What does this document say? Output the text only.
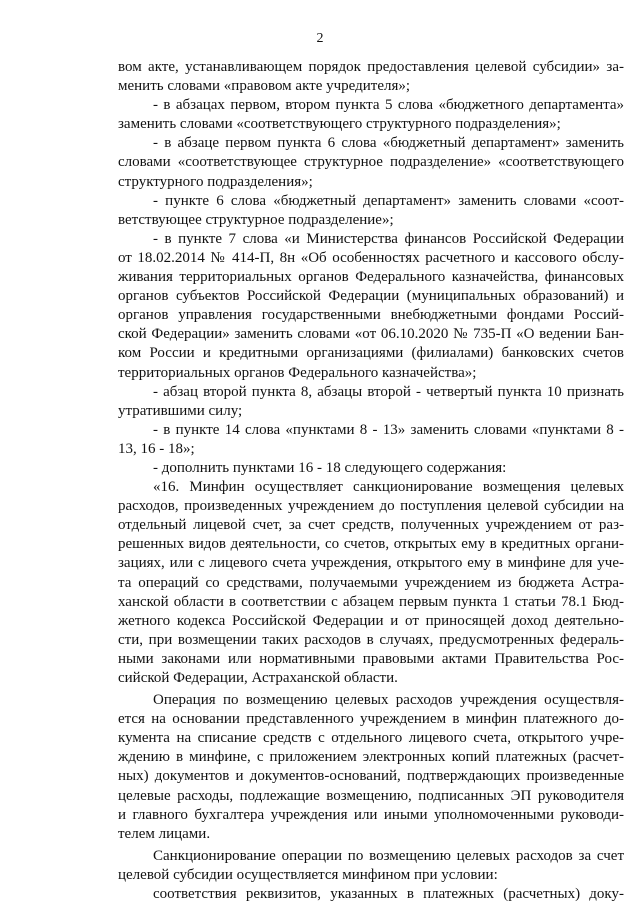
2
вом акте, устанавливающем порядок предоставления целевой субсидии» за-
менить словами «правовом акте учредителя»;
- в абзацах первом, втором пункта 5 слова «бюджетного департамента»
заменить словами «соответствующего структурного подразделения»;
- в абзаце первом пункта 6 слова «бюджетный департамент» заменить
словами «соответствующее структурное подразделение» «соответствующего
структурного подразделения»;
- пункте 6 слова «бюджетный департамент» заменить словами «соот-
ветствующее структурное подразделение»;
- в пункте 7 слова «и Министерства финансов Российской Федерации
от 18.02.2014 № 414-П, 8н «Об особенностях расчетного и кассового обслу-
живания территориальных органов Федерального казначейства, финансовых
органов субъектов Российской Федерации (муниципальных образований) и
органов управления государственными внебюджетными фондами Россий-
ской Федерации» заменить словами «от 06.10.2020 № 735-П «О ведении Бан-
ком России и кредитными организациями (филиалами) банковских счетов
территориальных органов Федерального казначейства»;
- абзац второй пункта 8, абзацы второй - четвертый пункта 10 признать
утратившими силу;
- в пункте 14 слова «пунктами 8 - 13» заменить словами «пунктами 8 -
13, 16 - 18»;
- дополнить пунктами 16 - 18 следующего содержания:
«16. Минфин осуществляет санкционирование возмещения целевых
расходов, произведенных учреждением до поступления целевой субсидии на
отдельный лицевой счет, за счет средств, полученных учреждением от раз-
решенных видов деятельности, со счетов, открытых ему в кредитных органи-
зациях, или с лицевого счета учреждения, открытого ему в минфине для уче-
та операций со средствами, получаемыми учреждением из бюджета Астра-
ханской области в соответствии с абзацем первым пункта 1 статьи 78.1 Бюд-
жетного кодекса Российской Федерации и от приносящей доход деятельно-
сти, при возмещении таких расходов в случаях, предусмотренных федераль-
ными законами или нормативными правовыми актами Правительства Рос-
сийской Федерации, Астраханской области.
Операция по возмещению целевых расходов учреждения осуществля-
ется на основании представленного учреждением в минфин платежного до-
кумента на списание средств с отдельного лицевого счета, открытого учре-
ждению в минфине, с приложением электронных копий платежных (расчет-
ных) документов и документов-оснований, подтверждающих произведенные
целевые расходы, подлежащие возмещению, подписанных ЭП руководителя
и главного бухгалтера учреждения или иными уполномоченными руководи-
телем лицами.
Санкционирование операции по возмещению целевых расходов за счет
целевой субсидии осуществляется минфином при условии:
соответствия реквизитов, указанных в платежных (расчетных) доку-
